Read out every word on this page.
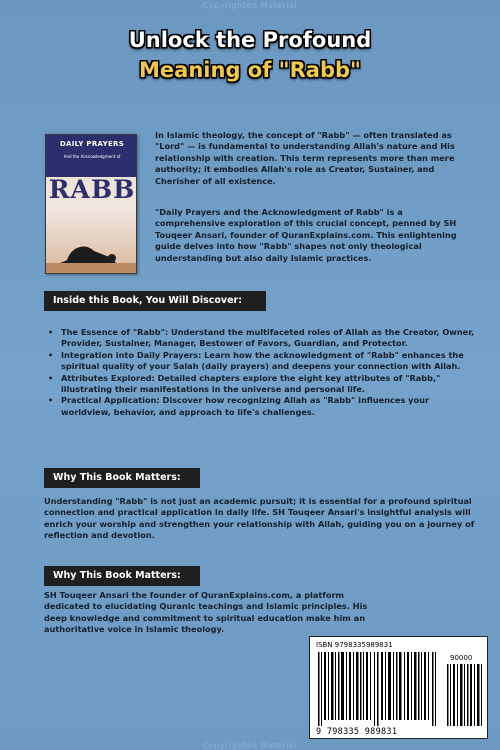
Copyrighted Material
Unlock the Profound
Meaning of "Rabb"
DAILY PRAYERS
And the Acknowledgment of
RABB
In Islamic theology, the concept of "Rabb" — often translated as "Lord" — is fundamental to understanding Allah's nature and His relationship with creation. This term represents more than mere authority; it embodies Allah's role as Creator, Sustainer, and Cherisher of all existence.
"Daily Prayers and the Acknowledgment of Rabb" is a comprehensive exploration of this crucial concept, penned by SH Touqeer Ansari, founder of QuranExplains.com. This enlightening guide delves into how "Rabb" shapes not only theological understanding but also daily Islamic practices.
Inside this Book, You Will Discover:
• The Essence of "Rabb": Understand the multifaceted roles of Allah as the Creator, Owner, Provider, Sustainer, Manager, Bestower of Favors, Guardian, and Protector.
• Integration into Daily Prayers: Learn how the acknowledgment of "Rabb" enhances the spiritual quality of your Salah (daily prayers) and deepens your connection with Allah.
• Attributes Explored: Detailed chapters explore the eight key attributes of "Rabb," illustrating their manifestations in the universe and personal life.
• Practical Application: Discover how recognizing Allah as "Rabb" influences your worldview, behavior, and approach to life's challenges.
Why This Book Matters:
Understanding "Rabb" is not just an academic pursuit; it is essential for a profound spiritual connection and practical application in daily life. SH Touqeer Ansari's insightful analysis will enrich your worship and strengthen your relationship with Allah, guiding you on a journey of reflection and devotion.
Why This Book Matters:
SH Touqeer Ansari the founder of QuranExplains.com, a platform dedicated to elucidating Quranic teachings and Islamic principles. His deep knowledge and commitment to spiritual education make him an authoritative voice in Islamic theology.
ISBN 9798335989831
90000
9 798335 989831
Copyrighted Material
